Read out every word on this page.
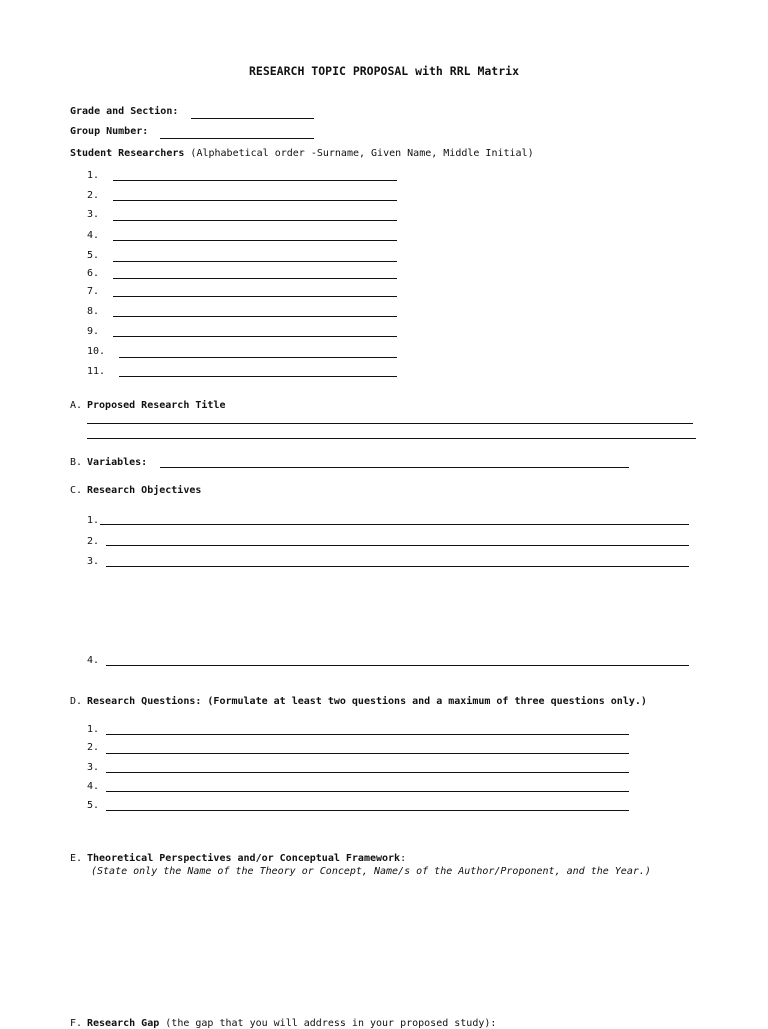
RESEARCH TOPIC PROPOSAL with RRL Matrix
Grade and Section:
Group Number:
Student Researchers (Alphabetical order -Surname, Given Name, Middle Initial)
1.
2.
3.
4.
5.
6.
7.
8.
9.
10.
11.
A. Proposed Research Title
B. Variables:
C. Research Objectives
1.
2.
3.
4.
D. Research Questions: (Formulate at least two questions and a maximum of three questions only.)
1.
2.
3.
4.
5.
E. Theoretical Perspectives and/or Conceptual Framework:
(State only the Name of the Theory or Concept, Name/s of the Author/Proponent, and the Year.)
F. Research Gap (the gap that you will address in your proposed study):
